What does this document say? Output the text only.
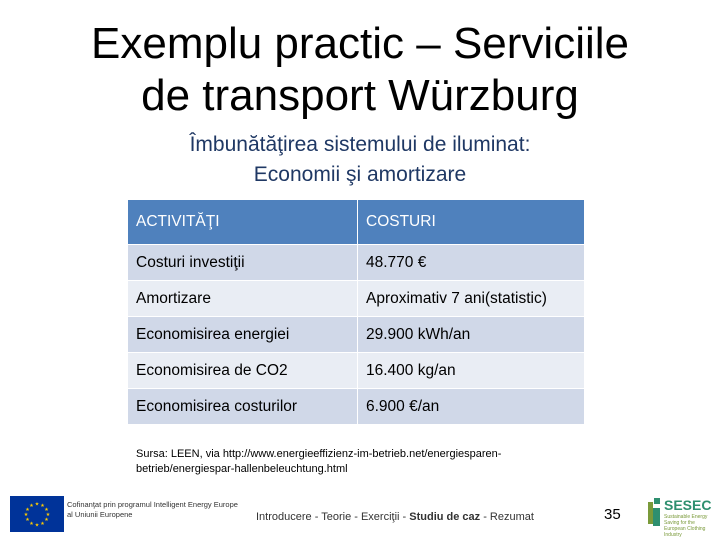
Exemplu practic – Serviciile
de transport Würzburg
Îmbunătăţirea sistemului de iluminat:
Economii şi amortizare
ACTIVITĂŢI	COSTURI
Costuri investiţii	48.770 €
Amortizare	Aproximativ 7 ani(statistic)
Economisirea energiei	29.900 kWh/an
Economisirea de CO2	16.400 kg/an
Economisirea costurilor	6.900 €/an
Sursa: LEEN, via http://www.energieeffizienz-im-betrieb.net/energiesparen-
betrieb/energiespar-hallenbeleuchtung.html
★ ★
★
★
★
★
★
★
★
★
★
★	Cofinanţat prin programul Intelligent Energy Europe
al Uniunii Europene	Introducere - Teorie - Exerciţii - Studiu de caz - Rezumat	35
SESEC
Sustainable Energy Saving for the European Clothing Industry
